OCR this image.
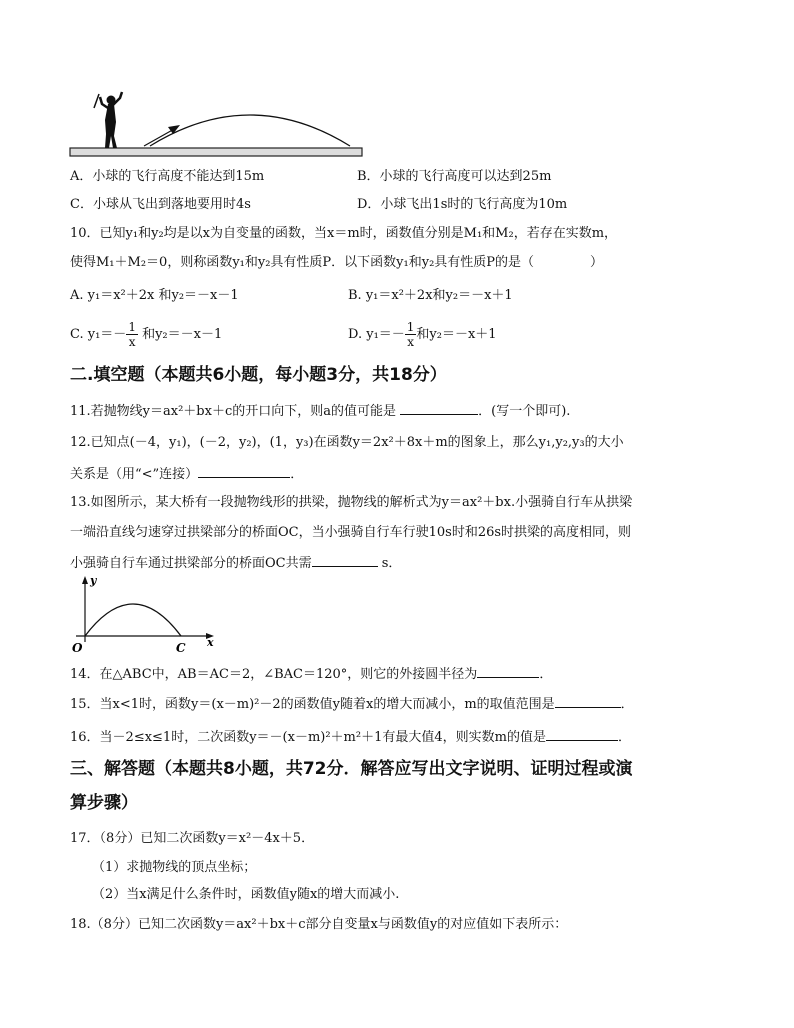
A．小球的飞行高度不能达到15m	B．小球的飞行高度可以达到25m
C．小球从飞出到落地要用时4s	D．小球飞出1s时的飞行高度为10m
10．已知y₁和y₂均是以x为自变量的函数，当x＝m时，函数值分别是M₁和M₂，若存在实数m，
使得M₁＋M₂＝0，则称函数y₁和y₂具有性质P．以下函数y₁和y₂具有性质P的是（	）
A. y₁＝x²＋2x 和y₂＝－x－1	B. y₁＝x²＋2x和y₂＝－x＋1
C. $y_1=- \frac{1}{x}$ 和y₂＝－x－1	D. $y_1=- \frac{1}{x}$ 和y₂＝－x＋1
二.填空题（本题共6小题，每小题3分，共18分）
11.若抛物线y＝ax²＋bx＋c的开口向下，则a的值可能是	．(写一个即可).
12.已知点(－4，y₁)，(－2，y₂)，(1，y₃)在函数y＝2x²＋8x＋m的图象上，那么y₁,y₂,y₃的大小
关系是（用“<”连接）	．
13.如图所示，某大桥有一段抛物线形的拱梁，抛物线的解析式为y＝ax²＋bx.小强骑自行车从拱梁
一端沿直线匀速穿过拱梁部分的桥面OC，当小强骑自行车行驶10s时和26s时拱梁的高度相同，则
小强骑自行车通过拱梁部分的桥面OC共需	s．
y
x
O	C
14．在△ABC中，AB＝AC＝2，∠BAC＝120°，则它的外接圆半径为	．
15．当x<1时，函数y＝(x－m)²－2的函数值y随着x的增大而减小，m的取值范围是	．
16．当－2≤x≤1时，二次函数y＝－(x－m)²＋m²＋1有最大值4，则实数m的值是	．
三、解答题（本题共8小题，共72分．解答应写出文字说明、证明过程或演
算步骤）
17．（8分）已知二次函数y＝x²－4x＋5．
（1）求抛物线的顶点坐标；
（2）当x满足什么条件时，函数值y随x的增大而减小.
18.（8分）已知二次函数y＝ax²＋bx＋c部分自变量x与函数值y的对应值如下表所示：
